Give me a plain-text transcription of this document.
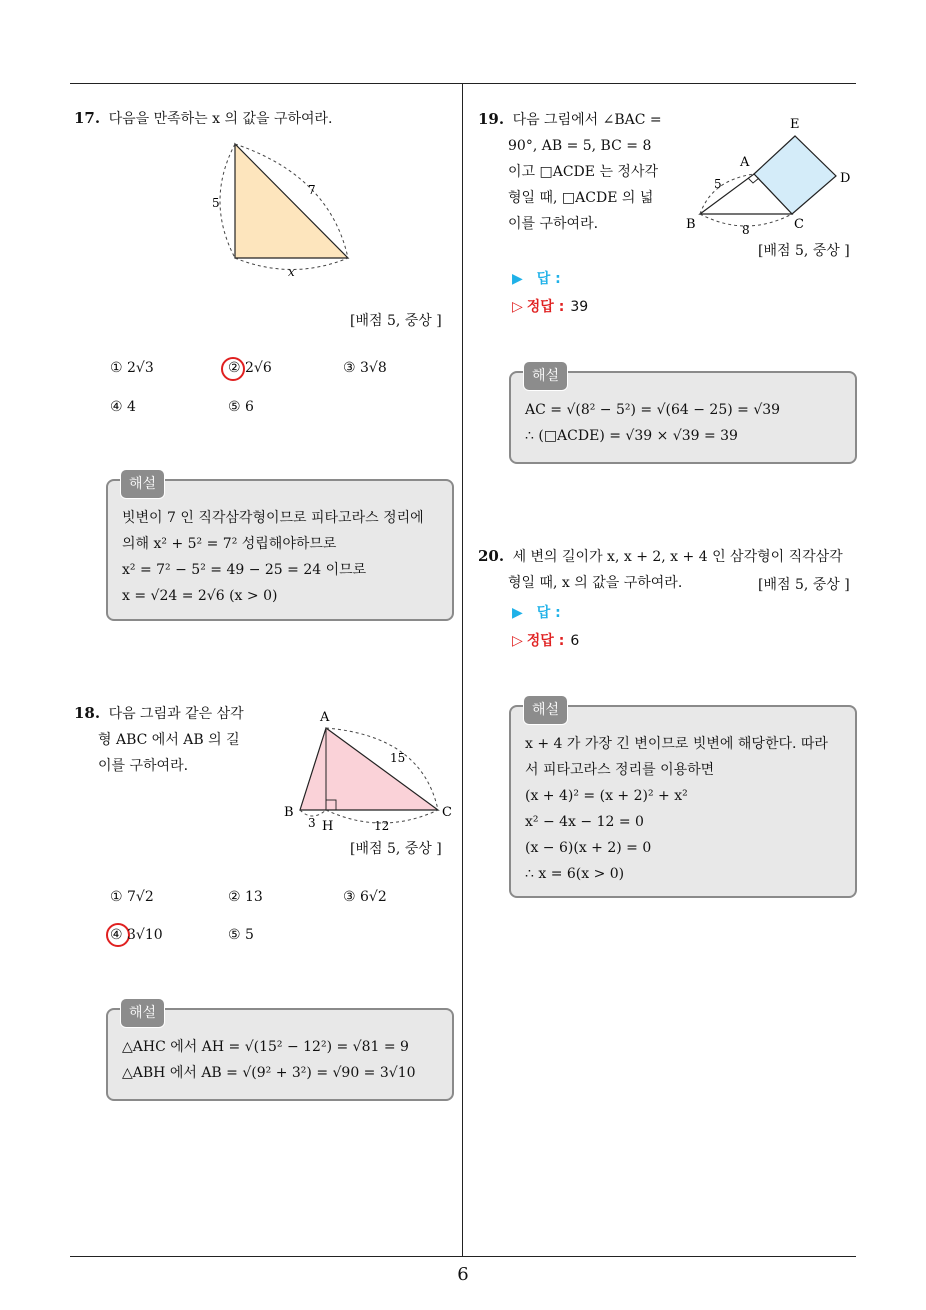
17. 다음을 만족하는 x 의 값을 구하여라.
5
7
x
[배점 5, 중상 ]
① 2√3	② 2√6	③ 3√8
④ 4	⑤ 6
해설
빗변이 7 인 직각삼각형이므로 피타고라스 정리에
의해 x² + 5² = 7² 성립해야하므로
x² = 7² − 5² = 49 − 25 = 24 이므로
x = √24 = 2√6 (x > 0)
18. 다음 그림과 같은 삼각
형 ABC 에서 AB 의 길
이를 구하여라.
A
B	C
H
15
3	12
[배점 5, 중상 ]
① 7√2	② 13	③ 6√2
④ 3√10	⑤ 5
해설
△AHC 에서 AH = √(15² − 12²) = √81 = 9
△ABH 에서 AB = √(9² + 3²) = √90 = 3√10
19. 다음 그림에서 ∠BAC =
90°, AB = 5, BC = 8
이고 □ACDE 는 정사각
형일 때, □ACDE 의 넓
이를 구하여라.
E
A
D
B	C
5
8
[배점 5, 중상 ]
▶ 답 :
▷ 정답 : 39
해설
AC = √(8² − 5²) = √(64 − 25) = √39
∴ (□ACDE) = √39 × √39 = 39
20. 세 변의 길이가 x, x + 2, x + 4 인 삼각형이 직각삼각
형일 때, x 의 값을 구하여라.	[배점 5, 중상 ]
▶ 답 :
▷ 정답 : 6
해설
x + 4 가 가장 긴 변이므로 빗변에 해당한다. 따라
서 피타고라스 정리를 이용하면
(x + 4)² = (x + 2)² + x²
x² − 4x − 12 = 0
(x − 6)(x + 2) = 0
∴ x = 6(x > 0)
6
